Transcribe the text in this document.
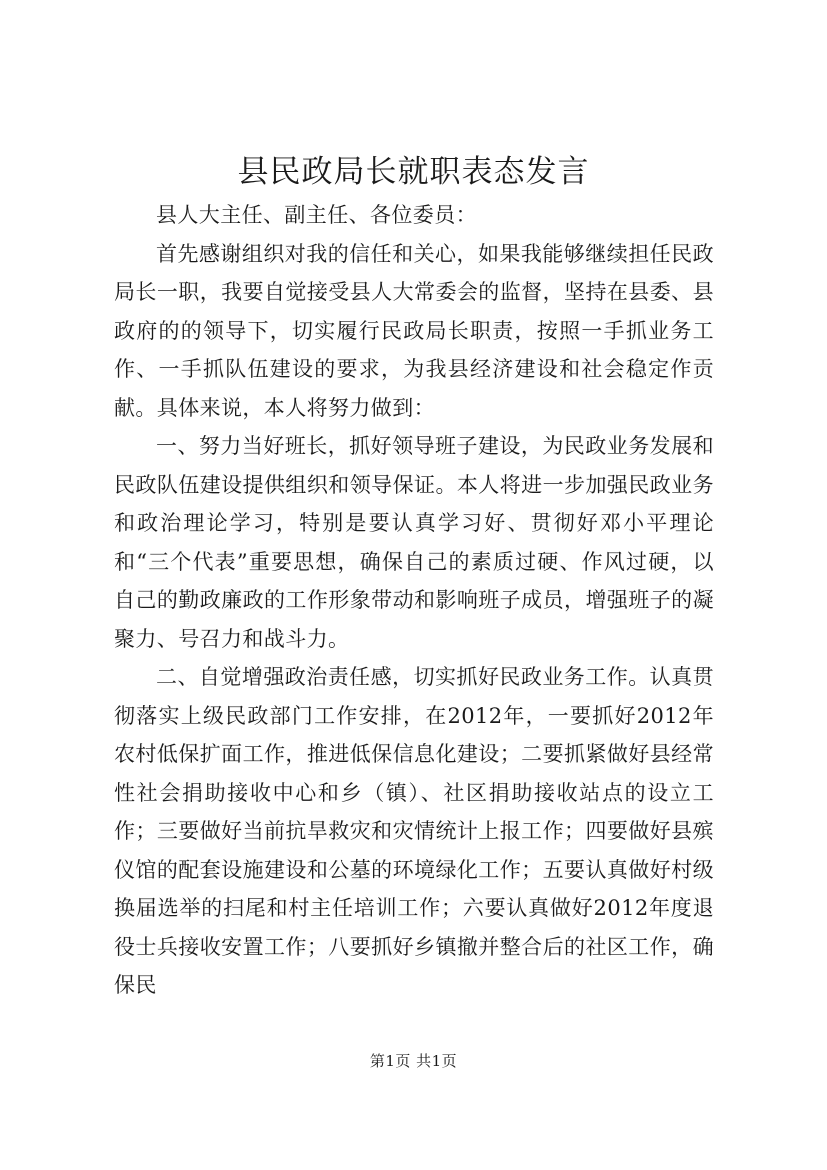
县民政局长就职表态发言

县人大主任、副主任、各位委员：

首先感谢组织对我的信任和关心，如果我能够继续担任民政局长一职，我要自觉接受县人大常委会的监督，坚持在县委、县政府的的领导下，切实履行民政局长职责，按照一手抓业务工作、一手抓队伍建设的要求，为我县经济建设和社会稳定作贡献。具体来说，本人将努力做到：

一、努力当好班长，抓好领导班子建设，为民政业务发展和民政队伍建设提供组织和领导保证。本人将进一步加强民政业务和政治理论学习，特别是要认真学习好、贯彻好邓小平理论和“三个代表”重要思想，确保自己的素质过硬、作风过硬，以自己的勤政廉政的工作形象带动和影响班子成员，增强班子的凝聚力、号召力和战斗力。

二、自觉增强政治责任感，切实抓好民政业务工作。认真贯彻落实上级民政部门工作安排，在2012年，一要抓好2012年农村低保扩面工作，推进低保信息化建设；二要抓紧做好县经常性社会捐助接收中心和乡（镇）、社区捐助接收站点的设立工作；三要做好当前抗旱救灾和灾情统计上报工作；四要做好县殡仪馆的配套设施建设和公墓的环境绿化工作；五要认真做好村级换届选举的扫尾和村主任培训工作；六要认真做好2012年度退役士兵接收安置工作；八要抓好乡镇撤并整合后的社区工作，确保民

第1页 共1页
